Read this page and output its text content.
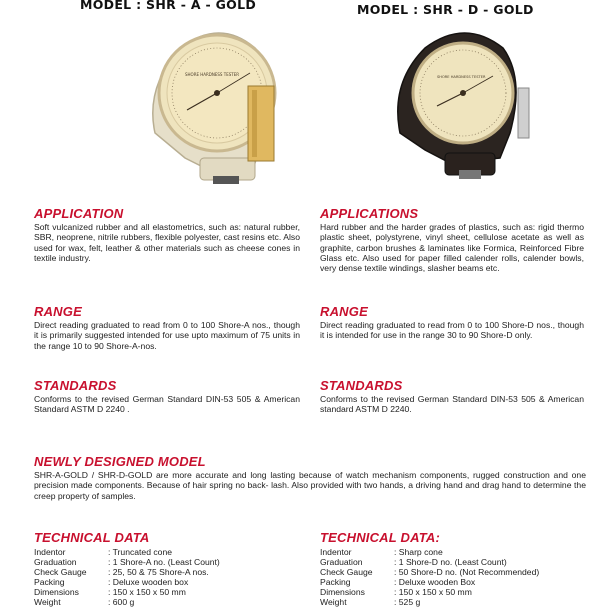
MODEL : SHR - A - GOLD
SHORE HARDNESS TESTER
APPLICATION
Soft vulcanized rubber and all elastometrics, such as: natural rubber, SBR, neoprene, nitrile rubbers, flexible polyester, cast resins etc. Also used for wax, felt, leather & other materials such as cheese cones in textile industry.
RANGE
Direct reading graduated to read from 0 to 100 Shore-A nos., though it is primarily suggested intended for use upto maximum of 75 units in the range 10 to 90 Shore-A-nos.
STANDARDS
Conforms to the revised German Standard DIN-53 505 & American Standard ASTM D 2240 .
MODEL : SHR - D - GOLD
SHORE HARDNESS TESTER
APPLICATIONS
Hard rubber and the harder grades of plastics, such as: rigid thermo plastic sheet, polystyrene, vinyl sheet, cellulose acetate as well as graphite, carbon brushes & laminates like Formica, Reinforced Fibre Glass etc. Also used for paper filled calender rolls, calender bowls, very dense textile windings, slasher beams etc.
RANGE
Direct reading graduated to read from 0 to 100 Shore-D nos., though it is intended for use in the range 30 to 90 Shore-D only.
STANDARDS
Conforms to the revised German Standard DIN-53 505 & American standard ASTM D 2240.
NEWLY DESIGNED MODEL
SHR-A-GOLD / SHR-D-GOLD are more accurate and long lasting because of watch mechanism components, rugged construction and one precision made components. Because of hair spring no back- lash. Also provided with two hands, a driving hand and drag hand to determine the creep property of samples.
TECHNICAL DATA
Indentor	: Truncated cone
Graduation	: 1 Shore-A no. (Least Count)
Check Gauge	: 25, 50 & 75 Shore-A nos.
Packing	: Deluxe wooden box
Dimensions	: 150 x 150 x 50 mm
Weight	: 600 g
TECHNICAL DATA:
Indentor	: Sharp cone
Graduation	: 1 Shore-D no. (Least Count)
Check Gauge	: 50 Shore-D no. (Not Recommended)
Packing	: Deluxe wooden Box
Dimensions	: 150 x 150 x 50 mm
Weight	: 525 g
